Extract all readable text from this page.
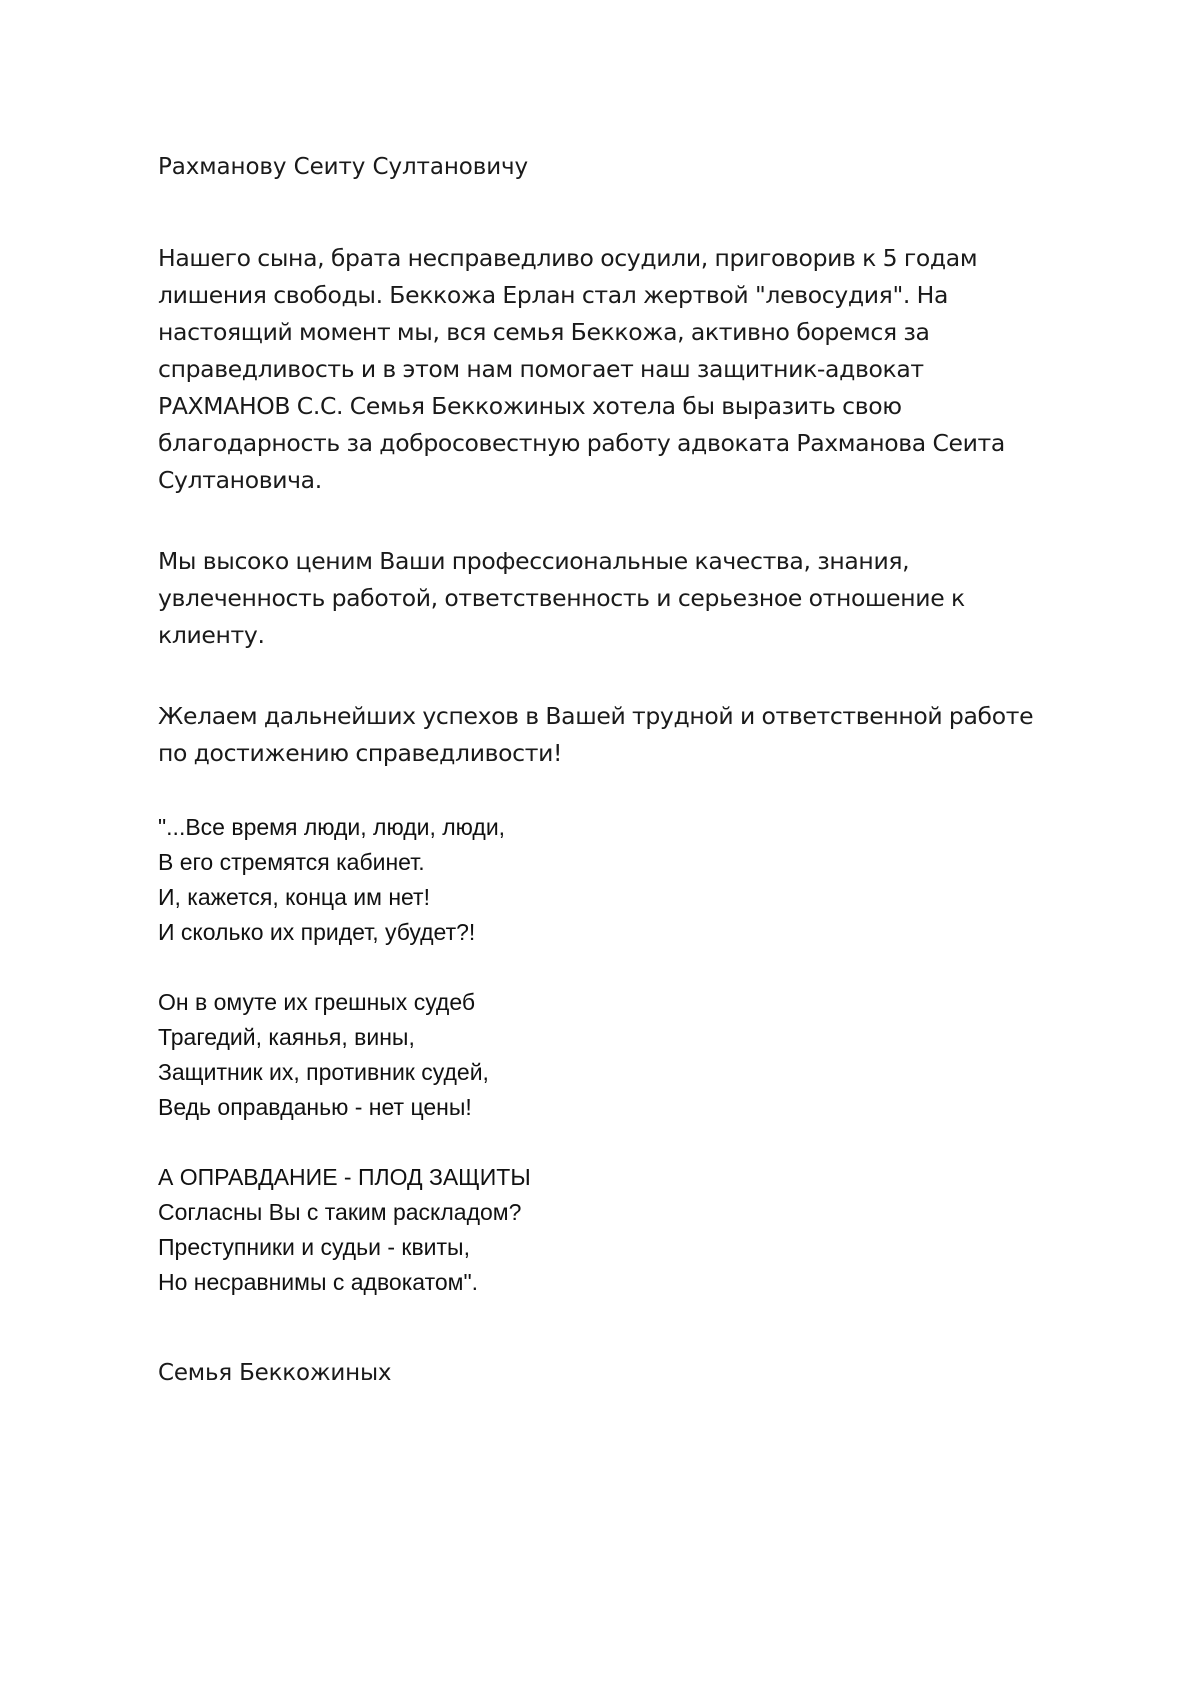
Рахманову Сеиту Султановичу

Нашего сына, брата несправедливо осудили, приговорив к 5 годам лишения свободы. Беккожа Ерлан стал жертвой "левосудия". На настоящий момент мы, вся семья Беккожа, активно боремся за справедливость и в этом нам помогает наш защитник-адвокат РАХМАНОВ С.С. Семья Беккожиных хотела бы выразить свою благодарность за добросовестную работу адвоката Рахманова Сеита Султановича.

Мы высоко ценим Ваши профессиональные качества, знания, увлеченность работой, ответственность и серьезное отношение к клиенту.

Желаем дальнейших успехов в Вашей трудной и ответственной работе по достижению справедливости!

"...Все время люди, люди, люди,
В его стремятся кабинет.
И, кажется, конца им нет!
И сколько их придет, убудет?!
Он в омуте их грешных судеб
Трагедий, каянья, вины,
Защитник их, противник судей,
Ведь оправданью - нет цены!
А ОПРАВДАНИЕ - ПЛОД ЗАЩИТЫ
Согласны Вы с таким раскладом?
Преступники и судьи - квиты,
Но несравнимы с адвокатом".

Семья Беккожиных
